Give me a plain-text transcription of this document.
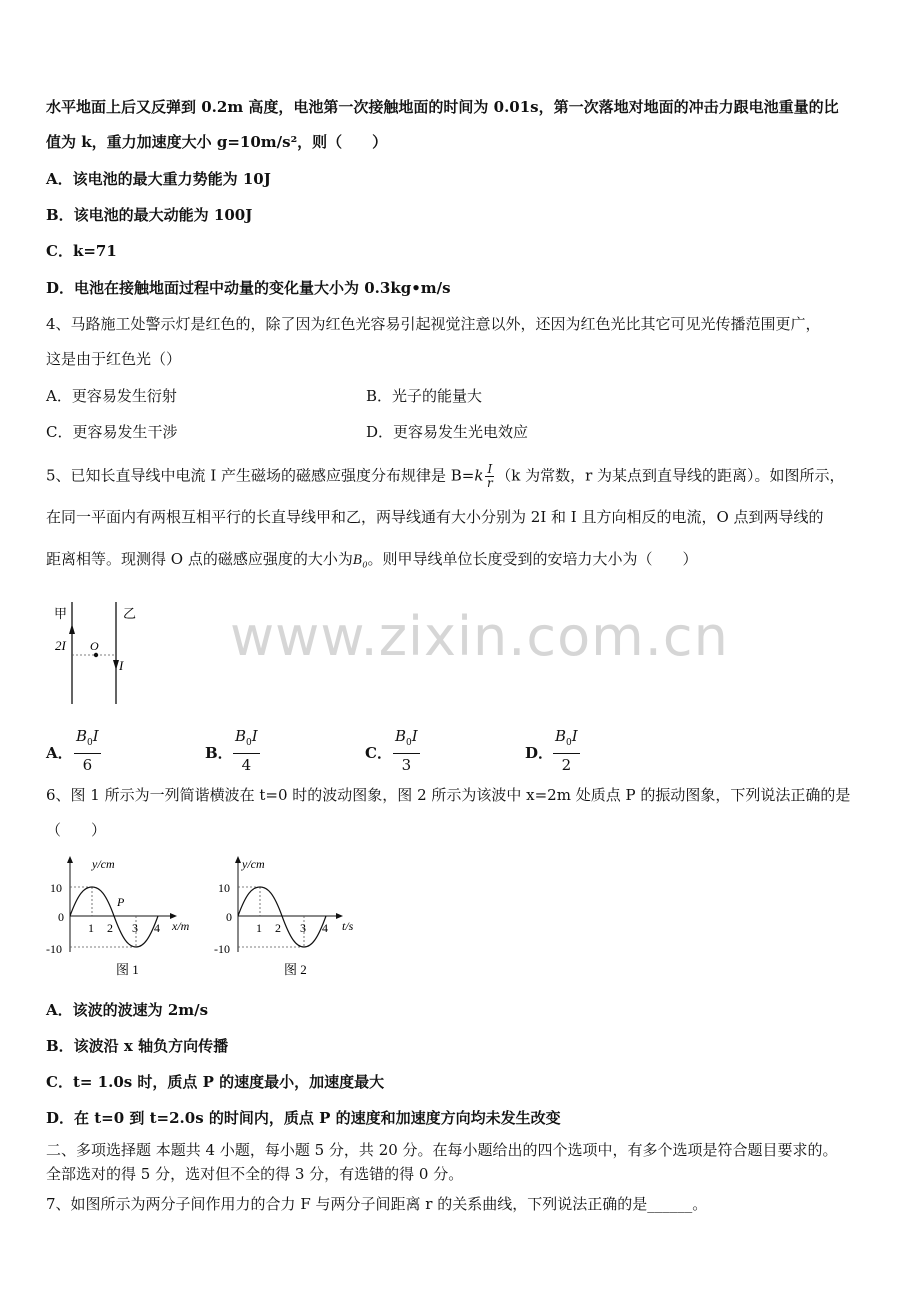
www.zixin.com.cn
水平地面上后又反弹到 0.2m 高度，电池第一次接触地面的时间为 0.01s，第一次落地对地面的冲击力跟电池重量的比
值为 k，重力加速度大小 g=10m/s²，则（　　）
A．该电池的最大重力势能为 10J
B．该电池的最大动能为 100J
C．k=71
D．电池在接触地面过程中动量的变化量大小为 0.3kg•m/s
4、马路施工处警示灯是红色的，除了因为红色光容易引起视觉注意以外，还因为红色光比其它可见光传播范围更广，
这是由于红色光（）
A．更容易发生衍射	B．光子的能量大
C．更容易发生干涉	D．更容易发生光电效应
5、已知长直导线中电流 I 产生磁场的磁感应强度分布规律是 $B=k \frac{I}{r} (k$ 为常数，r 为某点到直导线的距离）。如图所示，
在同一平面内有两根互相平行的长直导线甲和乙，两导线通有大小分别为 2I 和 I 且方向相反的电流，O 点到两导线的
距离相等。现测得 O 点的磁感应强度的大小为$B_0$。则甲导线单位长度受到的安培力大小为（　　）
甲	乙
2I O
I
A． $\frac{B_0I}{6}$	B． $\frac{B_0I}{4}$	C． $\frac{B_0I}{3}$	D． $\frac{B_0I}{2}$
6、图 1 所示为一列简谐横波在 t=0 时的波动图象，图 2 所示为该波中 x=2m 处质点 P 的振动图象，下列说法正确的是
（　　）
y/cm
x/m
10
-10
0
1 2 3 4
P
图 1
y/cm
t/s
10
-10
0
1 2 3 4
图 2
A．该波的波速为 2m/s
B．该波沿 x 轴负方向传播
C．t= 1.0s 时，质点 P 的速度最小，加速度最大
D．在 t=0 到 t=2.0s 的时间内，质点 P 的速度和加速度方向均未发生改变
二、多项选择题 本题共 4 小题，每小题 5 分，共 20 分。在每小题给出的四个选项中，有多个选项是符合题目要求的。
全部选对的得 5 分，选对但不全的得 3 分，有选错的得 0 分。
7、如图所示为两分子间作用力的合力 F 与两分子间距离 r 的关系曲线，下列说法正确的是______。
